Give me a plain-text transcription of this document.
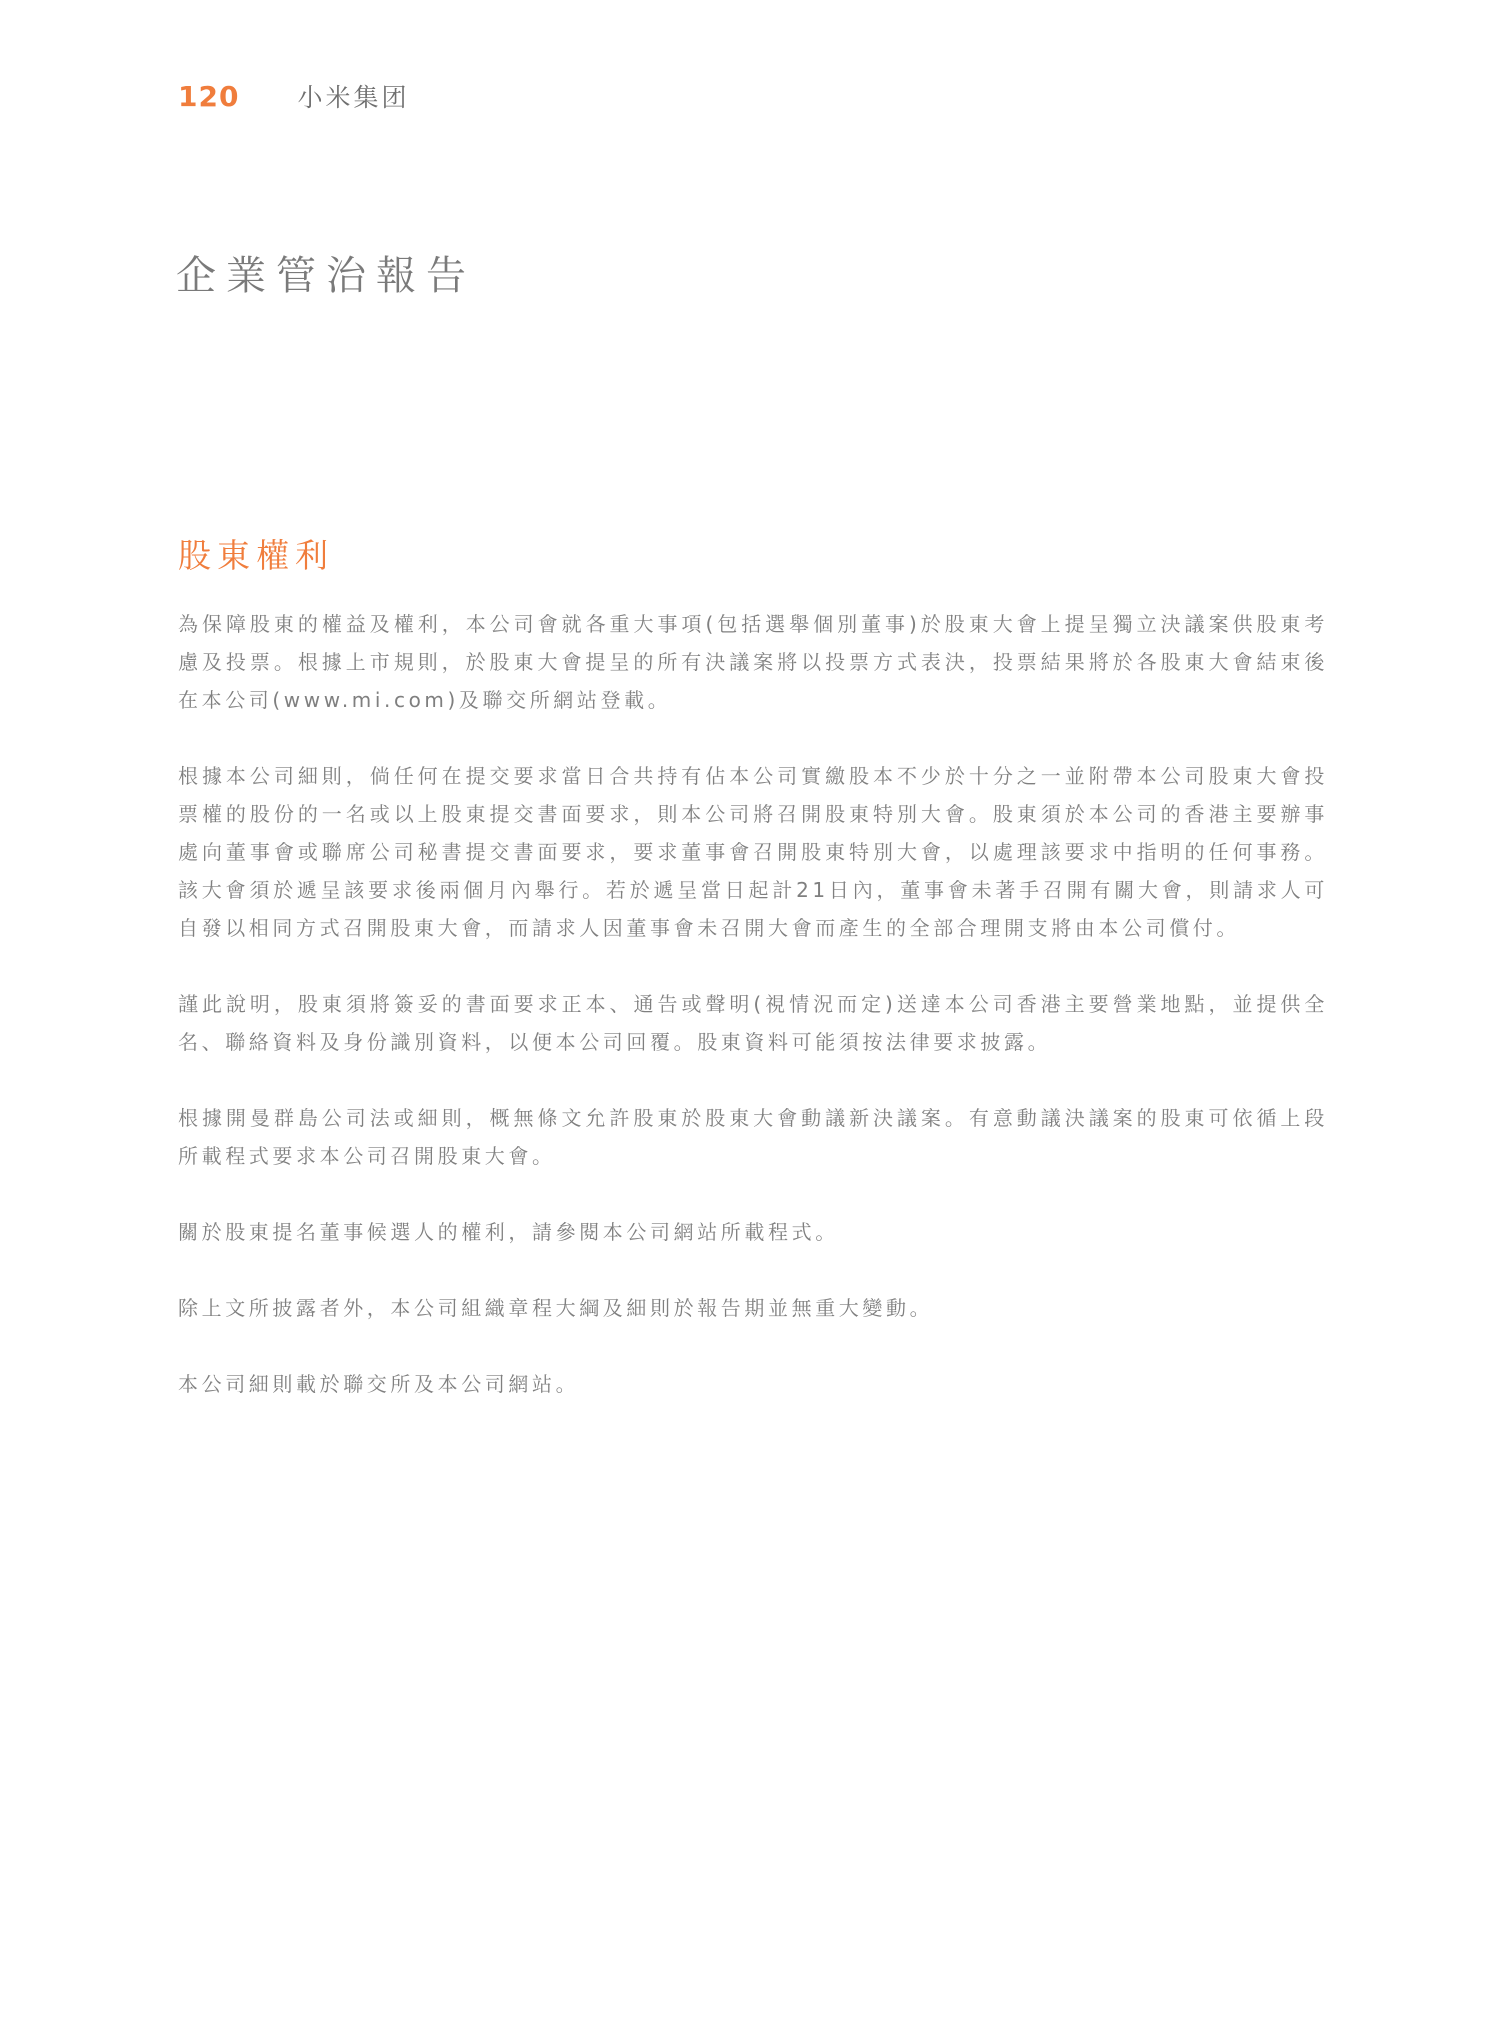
120 小米集团
企業管治報告
股東權利

為保障股東的權益及權利，本公司會就各重大事項(包括選舉個別董事)於股東大會上提呈獨立決議案供股東考慮及投票。根據上市規則，於股東大會提呈的所有決議案將以投票方式表決，投票結果將於各股東大會結束後在本公司(www.mi.com)及聯交所網站登載。

根據本公司細則，倘任何在提交要求當日合共持有佔本公司實繳股本不少於十分之一並附帶本公司股東大會投票權的股份的一名或以上股東提交書面要求，則本公司將召開股東特別大會。股東須於本公司的香港主要辦事處向董事會或聯席公司秘書提交書面要求，要求董事會召開股東特別大會，以處理該要求中指明的任何事務。該大會須於遞呈該要求後兩個月內舉行。若於遞呈當日起計21日內，董事會未著手召開有關大會，則請求人可自發以相同方式召開股東大會，而請求人因董事會未召開大會而產生的全部合理開支將由本公司償付。

謹此說明，股東須將簽妥的書面要求正本、通告或聲明(視情況而定)送達本公司香港主要營業地點，並提供全名、聯絡資料及身份識別資料，以便本公司回覆。股東資料可能須按法律要求披露。

根據開曼群島公司法或細則，概無條文允許股東於股東大會動議新決議案。有意動議決議案的股東可依循上段所載程式要求本公司召開股東大會。

關於股東提名董事候選人的權利，請參閱本公司網站所載程式。

除上文所披露者外，本公司組織章程大綱及細則於報告期並無重大變動。

本公司細則載於聯交所及本公司網站。
